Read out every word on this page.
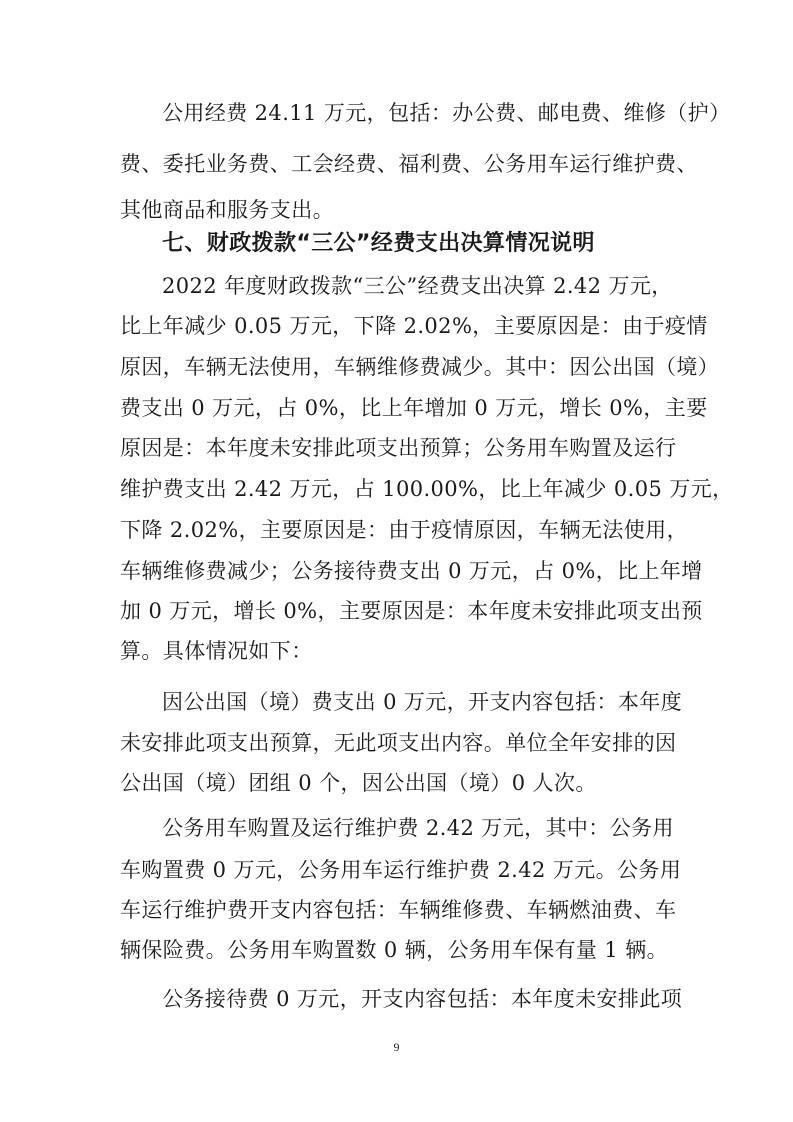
公用经费 24.11 万元，包括：办公费、邮电费、维修（护）
费、委托业务费、工会经费、福利费、公务用车运行维护费、
其他商品和服务支出。
七、财政拨款“三公”经费支出决算情况说明
2022 年度财政拨款“三公”经费支出决算 2.42 万元，
比上年减少 0.05 万元，下降 2.02%，主要原因是：由于疫情
原因，车辆无法使用，车辆维修费减少。其中：因公出国（境）
费支出 0 万元，占 0%，比上年增加 0 万元，增长 0%，主要
原因是：本年度未安排此项支出预算；公务用车购置及运行
维护费支出 2.42 万元，占 100.00%，比上年减少 0.05 万元，
下降 2.02%，主要原因是：由于疫情原因，车辆无法使用，
车辆维修费减少；公务接待费支出 0 万元，占 0%，比上年增
加 0 万元，增长 0%，主要原因是：本年度未安排此项支出预
算。具体情况如下：
因公出国（境）费支出 0 万元，开支内容包括：本年度
未安排此项支出预算，无此项支出内容。单位全年安排的因
公出国（境）团组 0 个，因公出国（境）0 人次。
公务用车购置及运行维护费 2.42 万元，其中：公务用
车购置费 0 万元，公务用车运行维护费 2.42 万元。公务用
车运行维护费开支内容包括：车辆维修费、车辆燃油费、车
辆保险费。公务用车购置数 0 辆，公务用车保有量 1 辆。
公务接待费 0 万元，开支内容包括：本年度未安排此项
9
